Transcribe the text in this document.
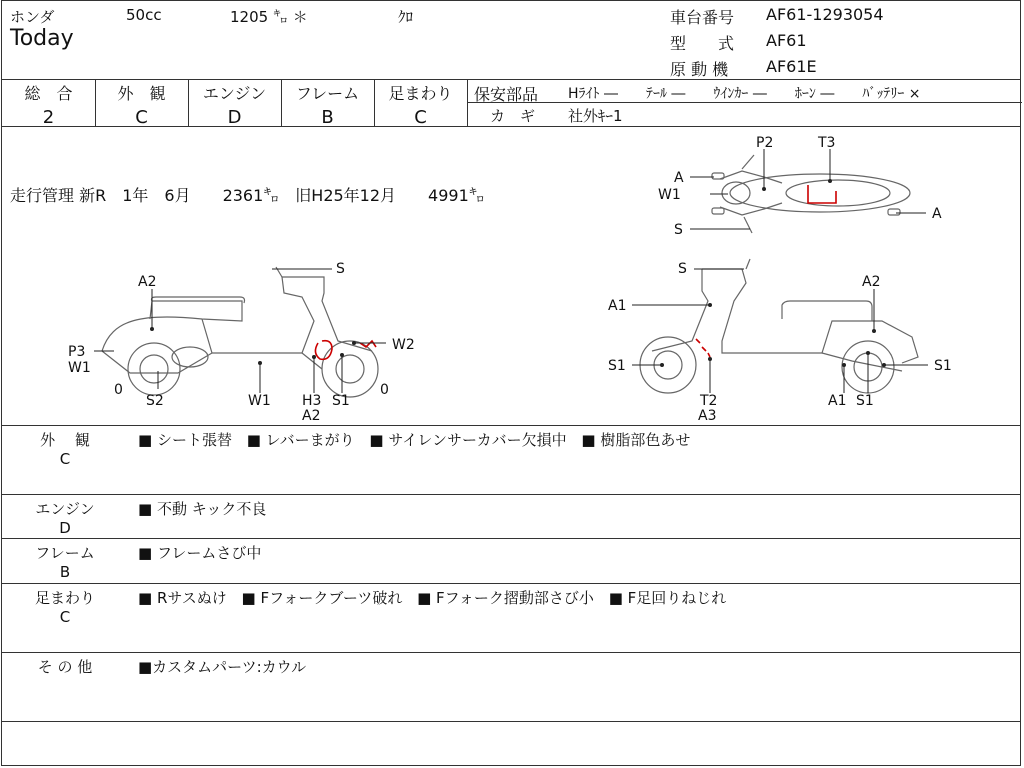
ホンダ	50cc	1205 ㌔ ＊	ｸﾛ
Today
車台番号 AF61-1293054
型　　式 AF61
原 動 機 AF61E
総　合
2
外　観
C
エンジン
D
フレーム
B
足まわり
C
保安部品 Hﾗｲﾄ ―　　ﾃｰﾙ ―　　ｳｲﾝｶｰ ―　　ﾎｰﾝ ―　　ﾊﾞｯﾃﾘｰ ×
カ　ギ 社外ｷｰ1
走行管理 新R　1年　6月　　2361㌔　旧H25年12月　　4991㌔
P2	T3
A
W1
A
S
S
A2
P3
W1
0
S2	W1 H3
A2
S1
W2
0
S
A1
A2
S1
T2
A3
A1 S1
S1
外　 観
C
■ シート張替 ■ レバーまがり ■ サイレンサーカバー欠損中 ■ 樹脂部色あせ
エンジン
D
■ 不動 キック不良
フレーム
B
■ フレームさび中
足まわり
C
■ Rサスぬけ ■ Fフォークブーツ破れ ■ Fフォーク摺動部さび小 ■ F足回りねじれ
そ の 他	■カスタムパーツ:カウル
